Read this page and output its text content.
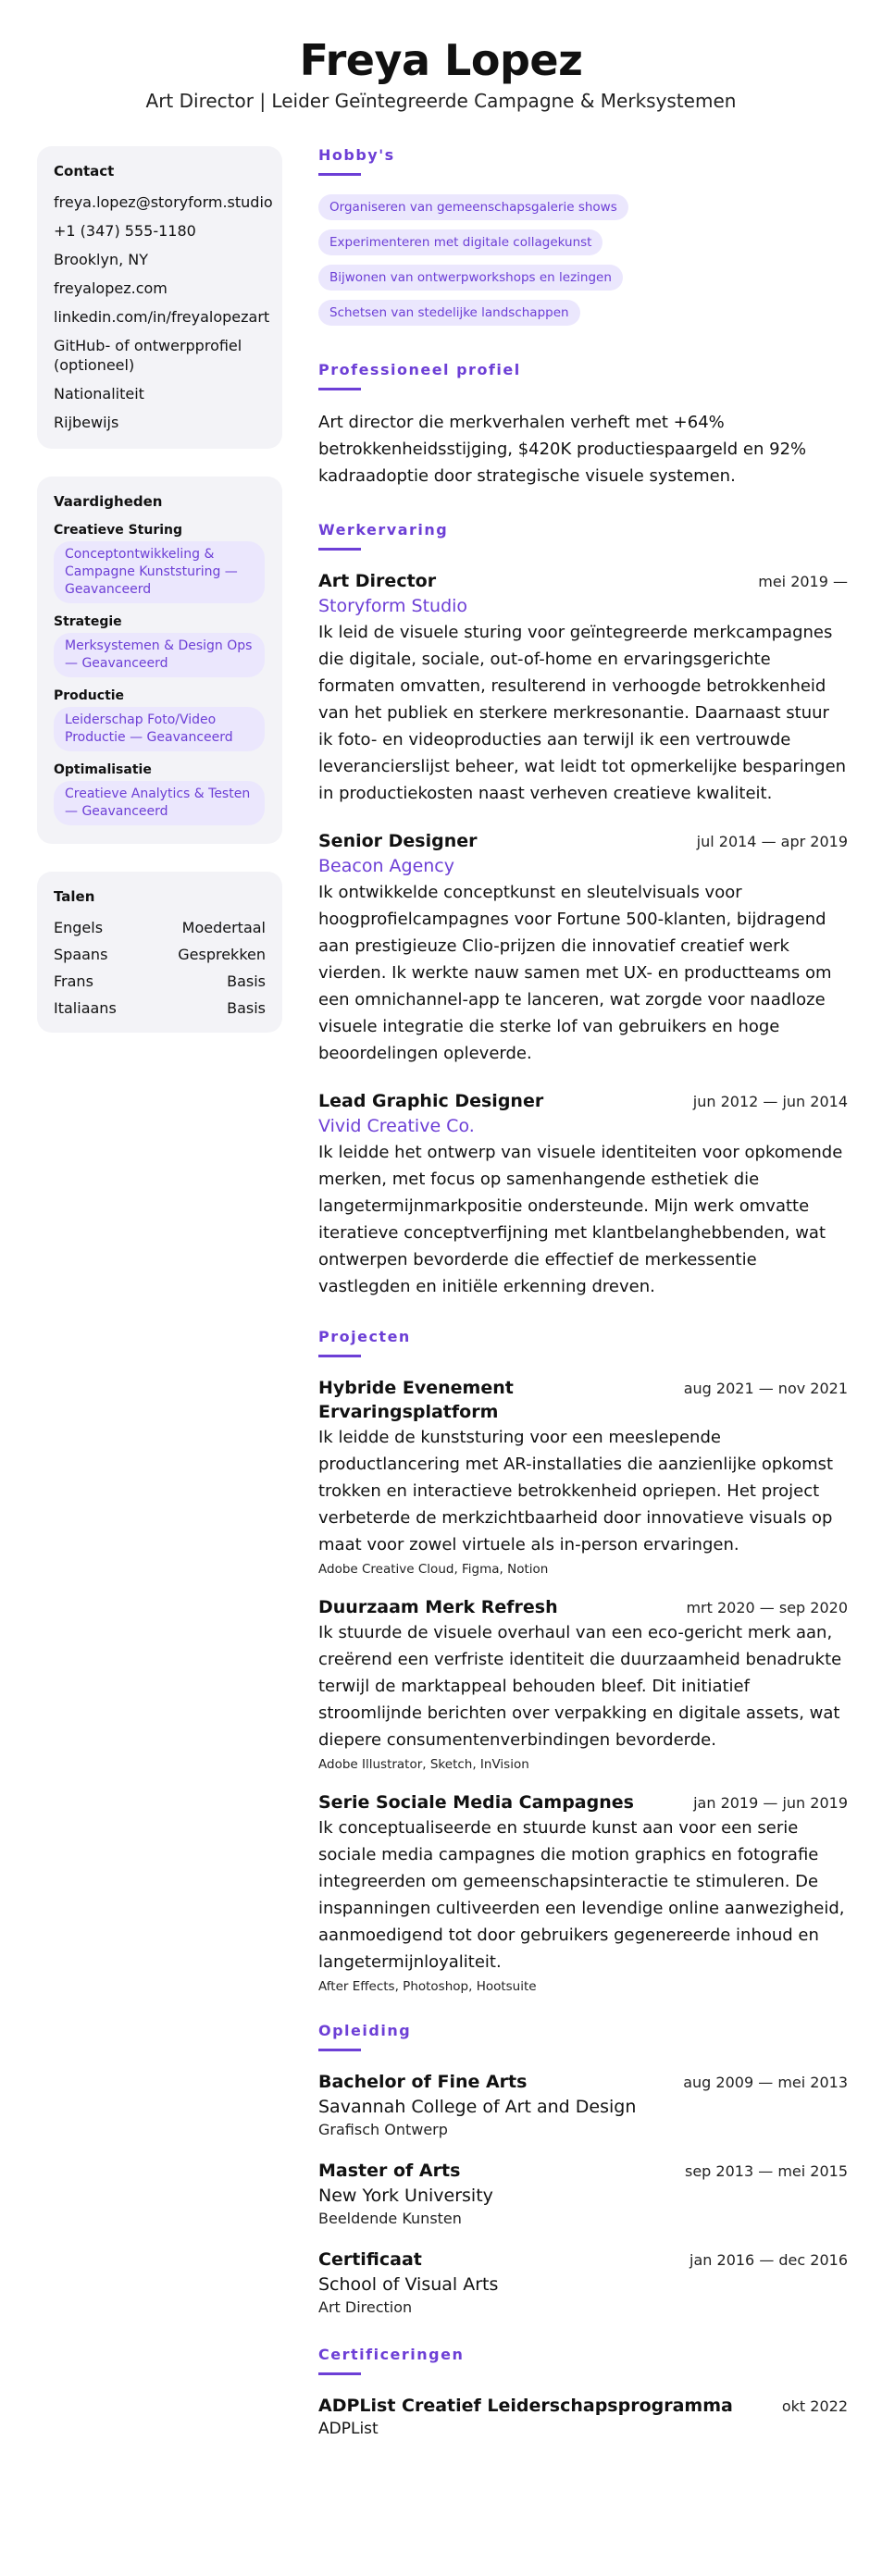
Freya Lopez
Art Director | Leider Geïntegreerde Campagne & Merksystemen
Contact
freya.lopez@storyform.studio
+1 (347) 555-1180
Brooklyn, NY
freyalopez.com
linkedin.com/in/freyalopezart
GitHub- of ontwerpprofiel (optioneel)
Nationaliteit
Rijbewijs
Vaardigheden
Creatieve Sturing
Conceptontwikkeling & Campagne Kunststuring — Geavanceerd
Strategie
Merksystemen & Design Ops — Geavanceerd
Productie
Leiderschap Foto/Video Productie — Geavanceerd
Optimalisatie
Creatieve Analytics & Testen — Geavanceerd
Talen
Engels	Moedertaal
Spaans	Gesprekken
Frans	Basis
Italiaans	Basis
Hobby's
Organiseren van gemeenschapsgalerie shows
Experimenteren met digitale collagekunst
Bijwonen van ontwerpworkshops en lezingen
Schetsen van stedelijke landschappen
Professioneel profiel
Art director die merkverhalen verheft met +64% betrokkenheidsstijging, $420K productiespaargeld en 92% kadraadoptie door strategische visuele systemen.
Werkervaring
Art Director	mei 2019 —
Storyform Studio
Ik leid de visuele sturing voor geïntegreerde merkcampagnes die digitale, sociale, out-of-home en ervaringsgerichte formaten omvatten, resulterend in verhoogde betrokkenheid van het publiek en sterkere merkresonantie. Daarnaast stuur ik foto- en videoproducties aan terwijl ik een vertrouwde leverancierslijst beheer, wat leidt tot opmerkelijke besparingen in productiekosten naast verheven creatieve kwaliteit.
Senior Designer	jul 2014 — apr 2019
Beacon Agency
Ik ontwikkelde conceptkunst en sleutelvisuals voor hoogprofielcampagnes voor Fortune 500-klanten, bijdragend aan prestigieuze Clio-prijzen die innovatief creatief werk vierden. Ik werkte nauw samen met UX- en productteams om een omnichannel-app te lanceren, wat zorgde voor naadloze visuele integratie die sterke lof van gebruikers en hoge beoordelingen opleverde.
Lead Graphic Designer	jun 2012 — jun 2014
Vivid Creative Co.
Ik leidde het ontwerp van visuele identiteiten voor opkomende merken, met focus op samenhangende esthetiek die langetermijnmarkpositie ondersteunde. Mijn werk omvatte iteratieve conceptverfijning met klantbelanghebbenden, wat ontwerpen bevorderde die effectief de merkessentie vastlegden en initiële erkenning dreven.
Projecten
Hybride Evenement Ervaringsplatform
aug 2021 — nov 2021
Ik leidde de kunststuring voor een meeslepende productlancering met AR-installaties die aanzienlijke opkomst trokken en interactieve betrokkenheid opriepen. Het project verbeterde de merkzichtbaarheid door innovatieve visuals op maat voor zowel virtuele als in-person ervaringen.
Adobe Creative Cloud, Figma, Notion
Duurzaam Merk Refresh	mrt 2020 — sep 2020
Ik stuurde de visuele overhaul van een eco-gericht merk aan, creërend een verfriste identiteit die duurzaamheid benadrukte terwijl de marktappeal behouden bleef. Dit initiatief stroomlijnde berichten over verpakking en digitale assets, wat diepere consumentenverbindingen bevorderde.
Adobe Illustrator, Sketch, InVision
Serie Sociale Media Campagnes	jan 2019 — jun 2019
Ik conceptualiseerde en stuurde kunst aan voor een serie sociale media campagnes die motion graphics en fotografie integreerden om gemeenschapsinteractie te stimuleren. De inspanningen cultiveerden een levendige online aanwezigheid, aanmoedigend tot door gebruikers gegenereerde inhoud en langetermijnloyaliteit.
After Effects, Photoshop, Hootsuite
Opleiding
Bachelor of Fine Arts	aug 2009 — mei 2013
Savannah College of Art and Design
Grafisch Ontwerp
Master of Arts	sep 2013 — mei 2015
New York University
Beeldende Kunsten
Certificaat	jan 2016 — dec 2016
School of Visual Arts
Art Direction
Certificeringen
ADPList Creatief Leiderschapsprogramma	okt 2022
ADPList
